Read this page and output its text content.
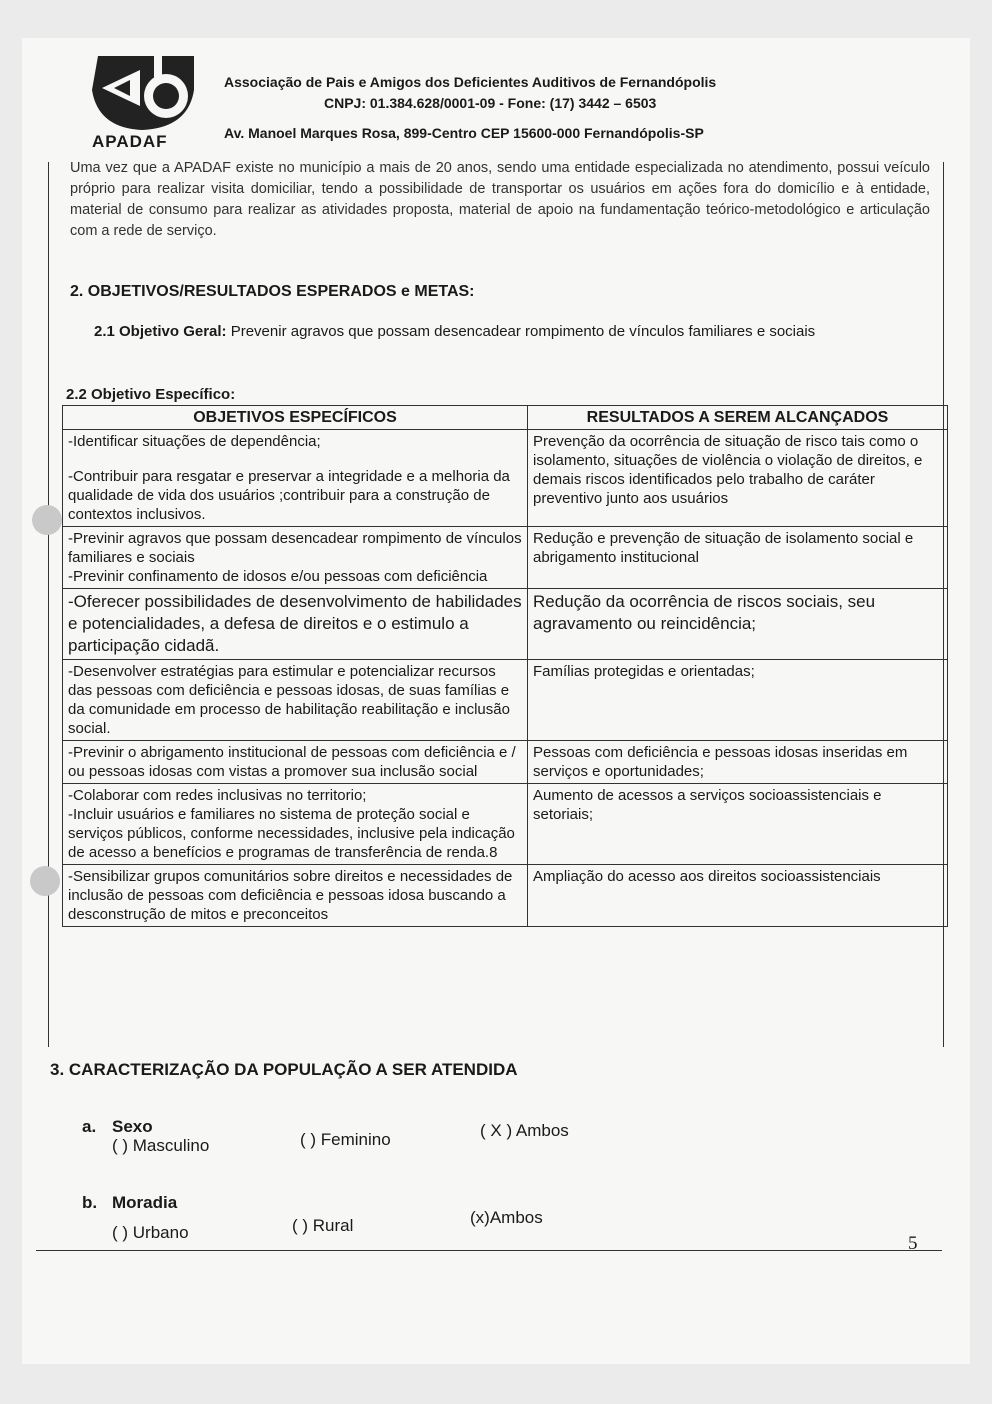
APADAF
Associação de Pais e Amigos dos Deficientes Auditivos de Fernandópolis
CNPJ: 01.384.628/0001-09 - Fone: (17) 3442 – 6503
Av. Manoel Marques Rosa, 899-Centro CEP 15600-000 Fernandópolis-SP
Uma vez que a APADAF existe no município a mais de 20 anos, sendo uma entidade especializada no atendimento, possui veículo próprio para realizar visita domiciliar, tendo a possibilidade de transportar os usuários em ações fora do domicílio e à entidade, material de consumo para realizar as atividades proposta, material de apoio na fundamentação teórico-metodológico e articulação com a rede de serviço.
2. OBJETIVOS/RESULTADOS ESPERADOS e METAS:
2.1 Objetivo Geral: Prevenir agravos que possam desencadear rompimento de vínculos familiares e sociais
2.2 Objetivo Específico:
OBJETIVOS ESPECÍFICOS	RESULTADOS A SEREM ALCANÇADOS

-Identificar situações de dependência;

-Contribuir para resgatar e preservar a integridade e a melhoria da qualidade de vida dos usuários ;contribuir para a construção de contextos inclusivos.	Prevenção da ocorrência de situação de risco tais como o isolamento, situações de violência o violação de direitos, e demais riscos identificados pelo trabalho de caráter preventivo junto aos usuários

-Previnir agravos que possam desencadear rompimento de vínculos familiares e sociais

-Previnir confinamento de idosos e/ou pessoas com deficiência	Redução e prevenção de situação de isolamento social e abrigamento institucional

-Oferecer possibilidades de desenvolvimento de habilidades e potencialidades, a defesa de direitos e o estimulo a participação cidadã.	Redução da ocorrência de riscos sociais, seu agravamento ou reincidência;

-Desenvolver estratégias para estimular e potencializar recursos das pessoas com deficiência e pessoas idosas, de suas famílias e da comunidade em processo de habilitação reabilitação e inclusão social.	Famílias protegidas e orientadas;

-Previnir o abrigamento institucional de pessoas com deficiência e / ou pessoas idosas com vistas a promover sua inclusão social	Pessoas com deficiência e pessoas idosas inseridas em serviços e oportunidades;

-Colaborar com redes inclusivas no territorio;

-Incluir usuários e familiares no sistema de proteção social e serviços públicos, conforme necessidades, inclusive pela indicação de acesso a benefícios e programas de transferência de renda.8	Aumento de acessos a serviços socioassistenciais e setoriais;

-Sensibilizar grupos comunitários sobre direitos e necessidades de inclusão de pessoas com deficiência e pessoas idosa buscando a desconstrução de mitos e preconceitos	Ampliação do acesso aos direitos socioassistenciais
3. CARACTERIZAÇÃO DA POPULAÇÃO A SER ATENDIDA
a. Sexo
( ) Masculino	( ) Feminino	( X ) Ambos
b. Moradia
( ) Urbano	( ) Rural	(x)Ambos
5
